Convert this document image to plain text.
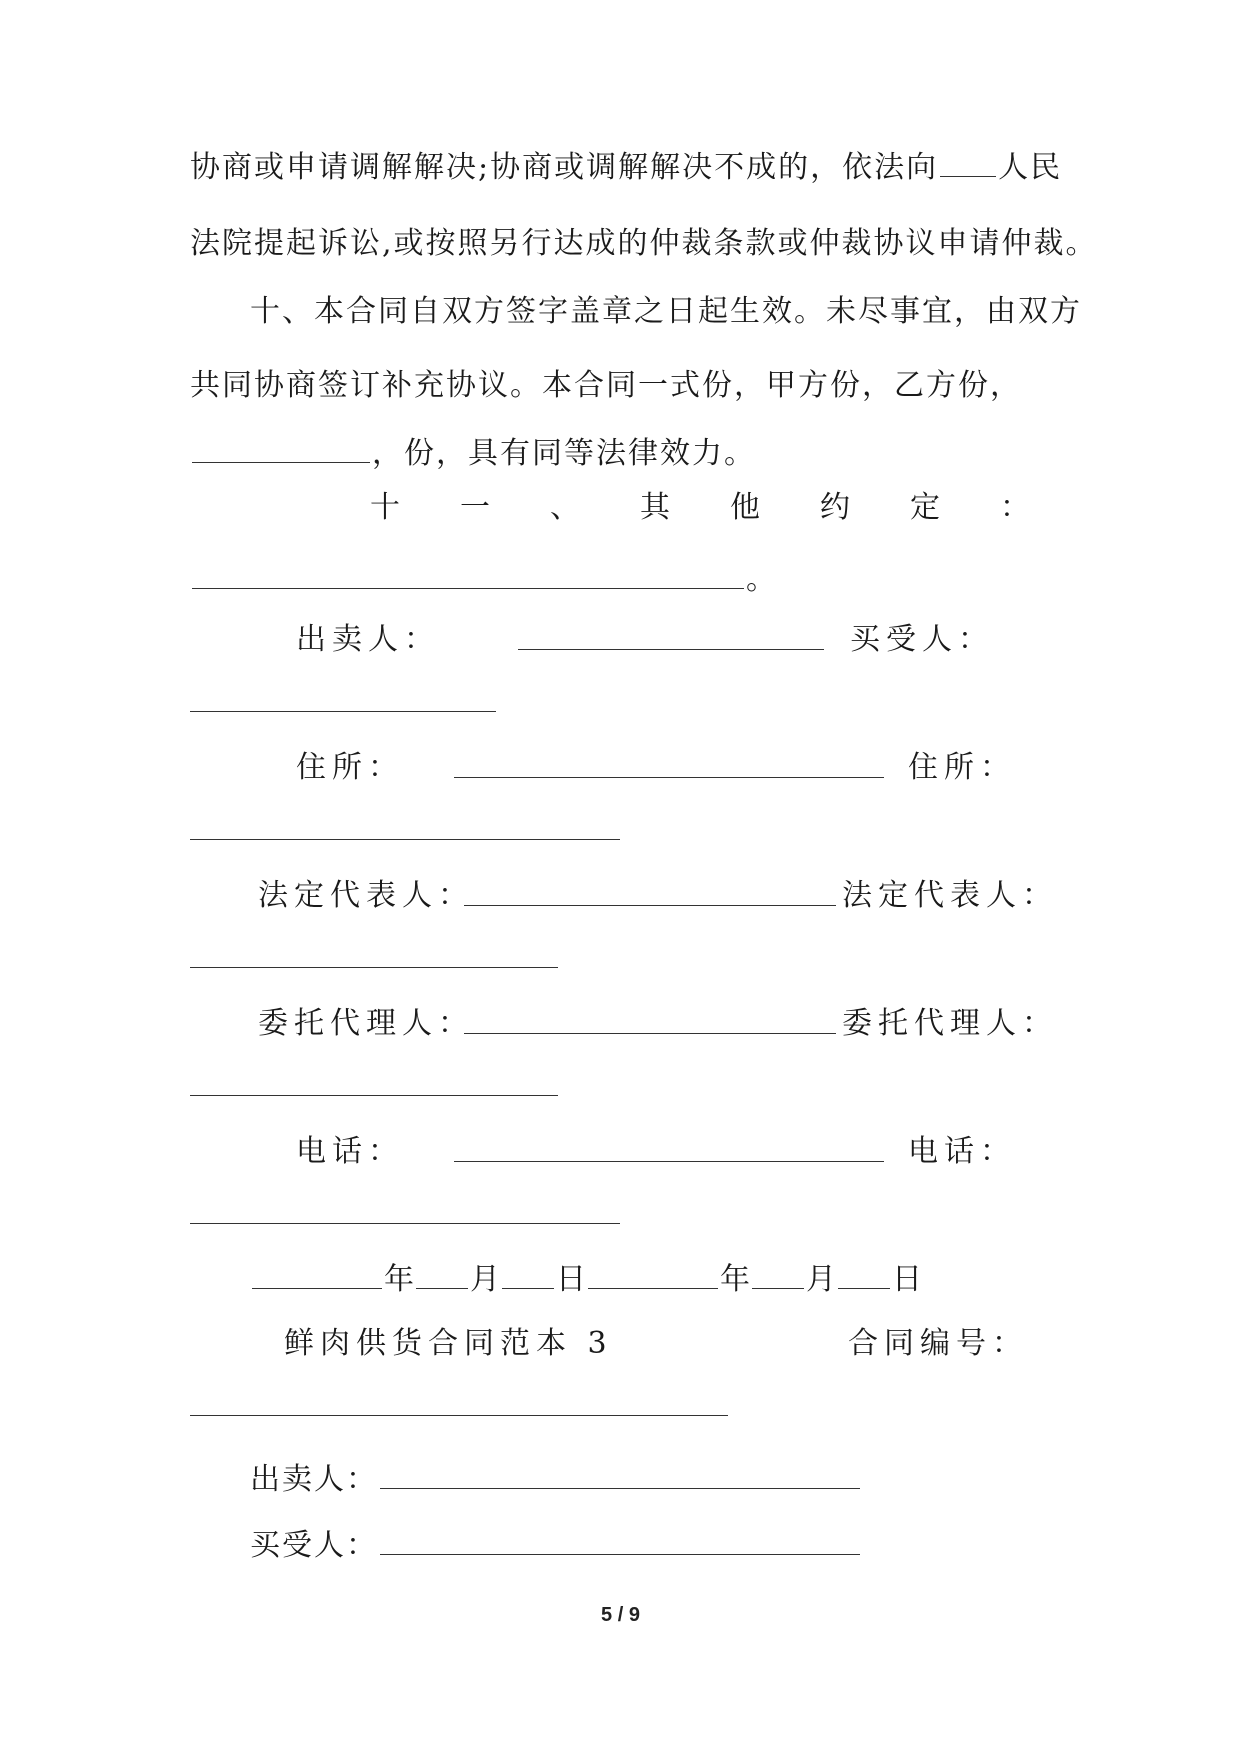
协商或申请调解解决;协商或调解解决不成的，依法向 人民
法院提起诉讼,或按照另行达成的仲裁条款或仲裁协议申请仲裁。
十、本合同自双方签字盖章之日起生效。未尽事宜，由双方
共同协商签订补充协议。本合同一式份，甲方份，乙方份，
，份，具有同等法律效力。
十 一 、 其 他 约 定 ：
。
出卖人：	买受人：
住所：	住所：
法定代表人：	法定代表人：
委托代理人：	委托代理人：
电话：	电话：
年 月 日	年 月 日
鲜肉供货合同范本 3	合同编号：
出卖人：
买受人：
5 / 9
